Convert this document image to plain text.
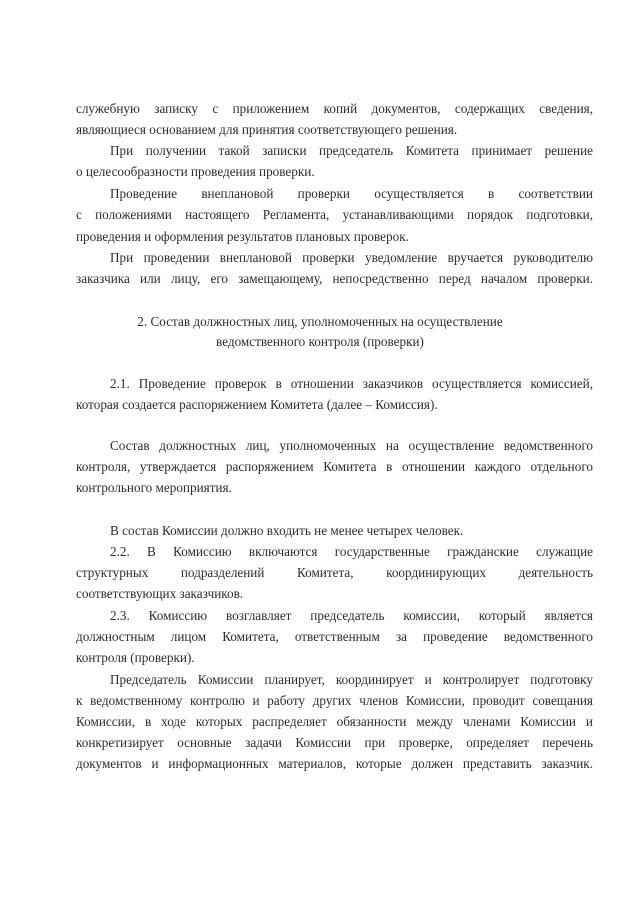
служебную записку с приложением копий документов, содержащих сведения,

являющиеся основанием для принятия соответствующего решения.

При получении такой записки председатель Комитета принимает решение

о целесообразности проведения проверки.

Проведение внеплановой проверки осуществляется в соответствии

с положениями настоящего Регламента, устанавливающими порядок подготовки,

проведения и оформления результатов плановых проверок.

При проведении внеплановой проверки уведомление вручается руководителю

заказчика или лицу, его замещающему, непосредственно перед началом проверки.

2. Состав должностных лиц, уполномоченных на осуществление

ведомственного контроля (проверки)

2.1. Проведение проверок в отношении заказчиков осуществляется комиссией,

которая создается распоряжением Комитета (далее – Комиссия).

Состав должностных лиц, уполномоченных на осуществление ведомственного

контроля, утверждается распоряжением Комитета в отношении каждого отдельного

контрольного мероприятия.

В состав Комиссии должно входить не менее четырех человек.

2.2. В Комиссию включаются государственные гражданские служащие

структурных подразделений Комитета, координирующих деятельность

соответствующих заказчиков.

2.3. Комиссию возглавляет председатель комиссии, который является

должностным лицом Комитета, ответственным за проведение ведомственного

контроля (проверки).

Председатель Комиссии планирует, координирует и контролирует подготовку

к ведомственному контролю и работу других членов Комиссии, проводит совещания

Комиссии, в ходе которых распределяет обязанности между членами Комиссии и

конкретизирует основные задачи Комиссии при проверке, определяет перечень

документов и информационных материалов, которые должен представить заказчик.
